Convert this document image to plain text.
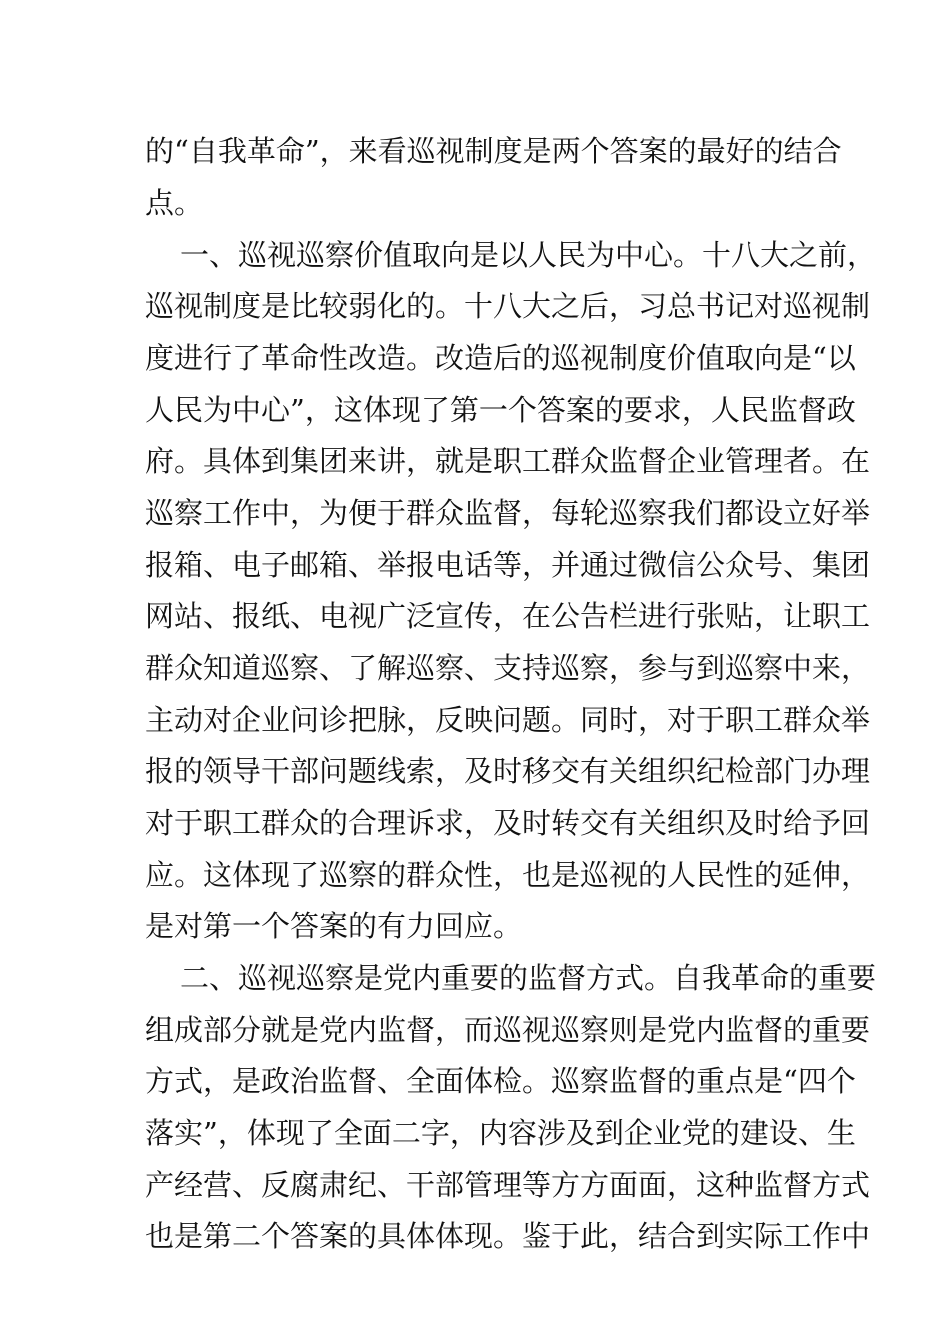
的“自我革命”，来看巡视制度是两个答案的最好的结合
点。
一、巡视巡察价值取向是以人民为中心。十八大之前，
巡视制度是比较弱化的。十八大之后，习总书记对巡视制
度进行了革命性改造。改造后的巡视制度价值取向是“以
人民为中心”，这体现了第一个答案的要求，人民监督政
府。具体到集团来讲，就是职工群众监督企业管理者。在
巡察工作中，为便于群众监督，每轮巡察我们都设立好举
报箱、电子邮箱、举报电话等，并通过微信公众号、集团
网站、报纸、电视广泛宣传，在公告栏进行张贴，让职工
群众知道巡察、了解巡察、支持巡察，参与到巡察中来，
主动对企业问诊把脉，反映问题。同时，对于职工群众举
报的领导干部问题线索，及时移交有关组织纪检部门办理
对于职工群众的合理诉求，及时转交有关组织及时给予回
应。这体现了巡察的群众性，也是巡视的人民性的延伸，
是对第一个答案的有力回应。
二、巡视巡察是党内重要的监督方式。自我革命的重要
组成部分就是党内监督，而巡视巡察则是党内监督的重要
方式，是政治监督、全面体检。巡察监督的重点是“四个
落实”，体现了全面二字，内容涉及到企业党的建设、生
产经营、反腐肃纪、干部管理等方方面面，这种监督方式
也是第二个答案的具体体现。鉴于此，结合到实际工作中
